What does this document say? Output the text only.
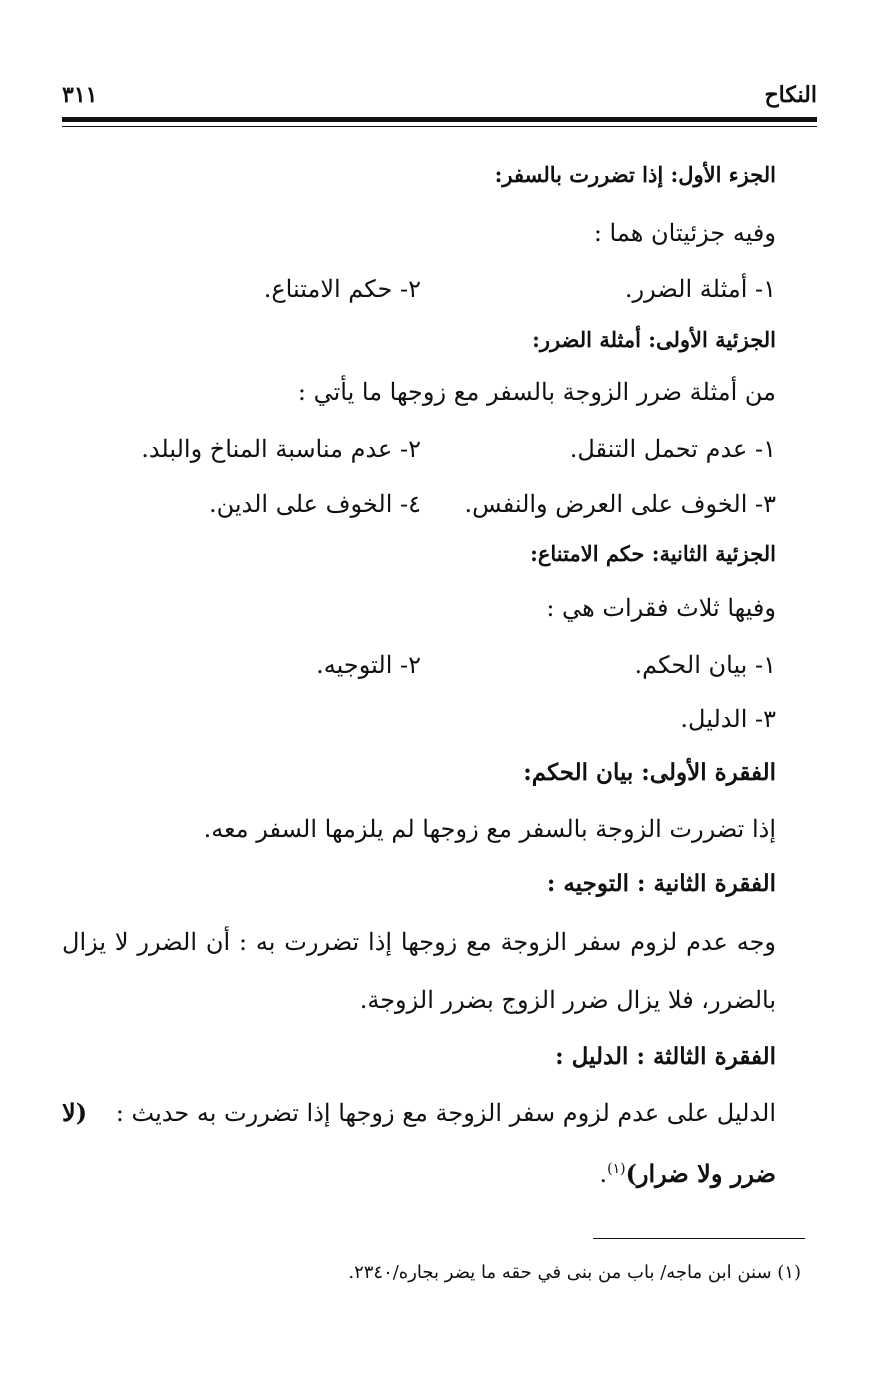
النكاح
٣١١
الجزء الأول: إذا تضررت بالسفر:
وفيه جزئيتان هما :
١- أمثلة الضرر.
٢- حكم الامتناع.
الجزئية الأولى: أمثلة الضرر:
من أمثلة ضرر الزوجة بالسفر مع زوجها ما يأتي :
١- عدم تحمل التنقل.
٢- عدم مناسبة المناخ والبلد.
٣- الخوف على العرض والنفس.
٤- الخوف على الدين.
الجزئية الثانية: حكم الامتناع:
وفيها ثلاث فقرات هي :
١- بيان الحكم.
٢- التوجيه.
٣- الدليل.
الفقرة الأولى: بيان الحكم:
إذا تضررت الزوجة بالسفر مع زوجها لم يلزمها السفر معه.
الفقرة الثانية : التوجيه :
وجه عدم لزوم سفر الزوجة مع زوجها إذا تضررت به : أن الضرر لا يزال
بالضرر، فلا يزال ضرر الزوج بضرر الزوجة.
الفقرة الثالثة : الدليل :
الدليل على عدم لزوم سفر الزوجة مع زوجها إذا تضررت به حديث :
(لا
ضرر ولا ضرار)$^{(١)}$.
(١) سنن ابن ماجه/ باب من بنى في حقه ما يضر بجاره/٢٣٤٠.
